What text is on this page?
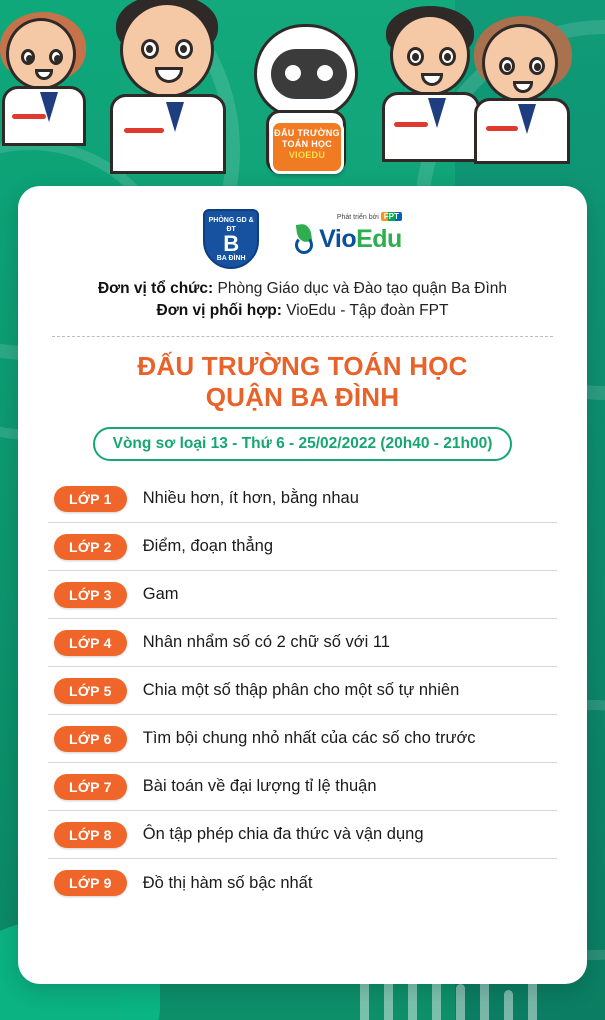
ĐẤU TRƯỜNG
TOÁN HỌC
VIOEDU
PHÒNG GD & ĐT
B
BA ĐÌNH
Phát triển bởi FPT
VioEdu
Đơn vị tổ chức: Phòng Giáo dục và Đào tạo quận Ba Đình
Đơn vị phối hợp: VioEdu - Tập đoàn FPT
ĐẤU TRƯỜNG TOÁN HỌC
QUẬN BA ĐÌNH
Vòng sơ loại 13 - Thứ 6 - 25/02/2022 (20h40 - 21h00)
LỚP 1	Nhiều hơn, ít hơn, bằng nhau
LỚP 2	Điểm, đoạn thẳng
LỚP 3	Gam
LỚP 4	Nhân nhẩm số có 2 chữ số với 11
LỚP 5	Chia một số thập phân cho một số tự nhiên
LỚP 6	Tìm bội chung nhỏ nhất của các số cho trước
LỚP 7	Bài toán về đại lượng tỉ lệ thuận
LỚP 8	Ôn tập phép chia đa thức và vận dụng
LỚP 9	Đồ thị hàm số bậc nhất
